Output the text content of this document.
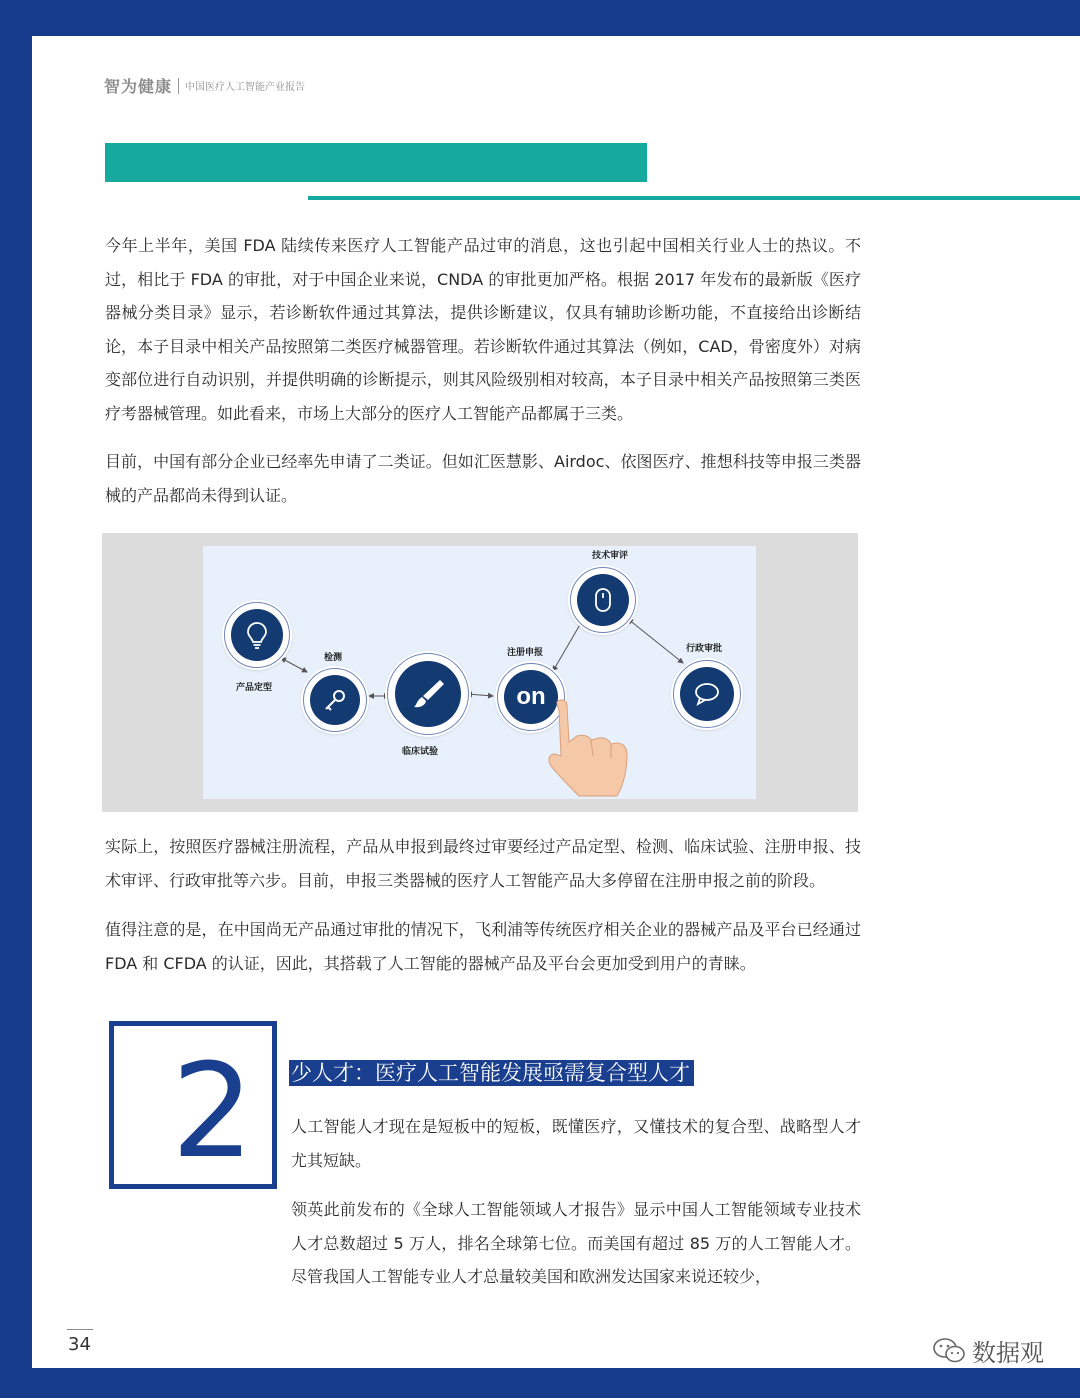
智为健康 中国医疗人工智能产业报告

今年上半年，美国 FDA 陆续传来医疗人工智能产品过审的消息，这也引起中国相关行业人士的热议。不过，相比于 FDA 的审批，对于中国企业来说，CNDA 的审批更加严格。根据 2017 年发布的最新版《医疗器械分类目录》显示，若诊断软件通过其算法，提供诊断建议，仅具有辅助诊断功能，不直接给出诊断结论，本子目录中相关产品按照第二类医疗械器管理。若诊断软件通过其算法（例如，CAD，骨密度外）对病变部位进行自动识别，并提供明确的诊断提示，则其风险级别相对较高，本子目录中相关产品按照第三类医疗考器械管理。如此看来，市场上大部分的医疗人工智能产品都属于三类。

目前，中国有部分企业已经率先申请了二类证。但如汇医慧影、Airdoc、依图医疗、推想科技等申报三类器械的产品都尚未得到认证。

产品定型
检测
临床试验
on
注册申报
技术审评
行政审批

实际上，按照医疗器械注册流程，产品从申报到最终过审要经过产品定型、检测、临床试验、注册申报、技术审评、行政审批等六步。目前，申报三类器械的医疗人工智能产品大多停留在注册申报之前的阶段。

值得注意的是，在中国尚无产品通过审批的情况下，飞利浦等传统医疗相关企业的器械产品及平台已经通过 FDA 和 CFDA 的认证，因此，其搭载了人工智能的器械产品及平台会更加受到用户的青睐。

2 少人才：医疗人工智能发展亟需复合型人才

人工智能人才现在是短板中的短板，既懂医疗，又懂技术的复合型、战略型人才尤其短缺。

领英此前发布的《全球人工智能领域人才报告》显示中国人工智能领域专业技术人才总数超过 5 万人，排名全球第七位。而美国有超过 85 万的人工智能人才。尽管我国人工智能专业人才总量较美国和欧洲发达国家来说还较少，

34	数据观
